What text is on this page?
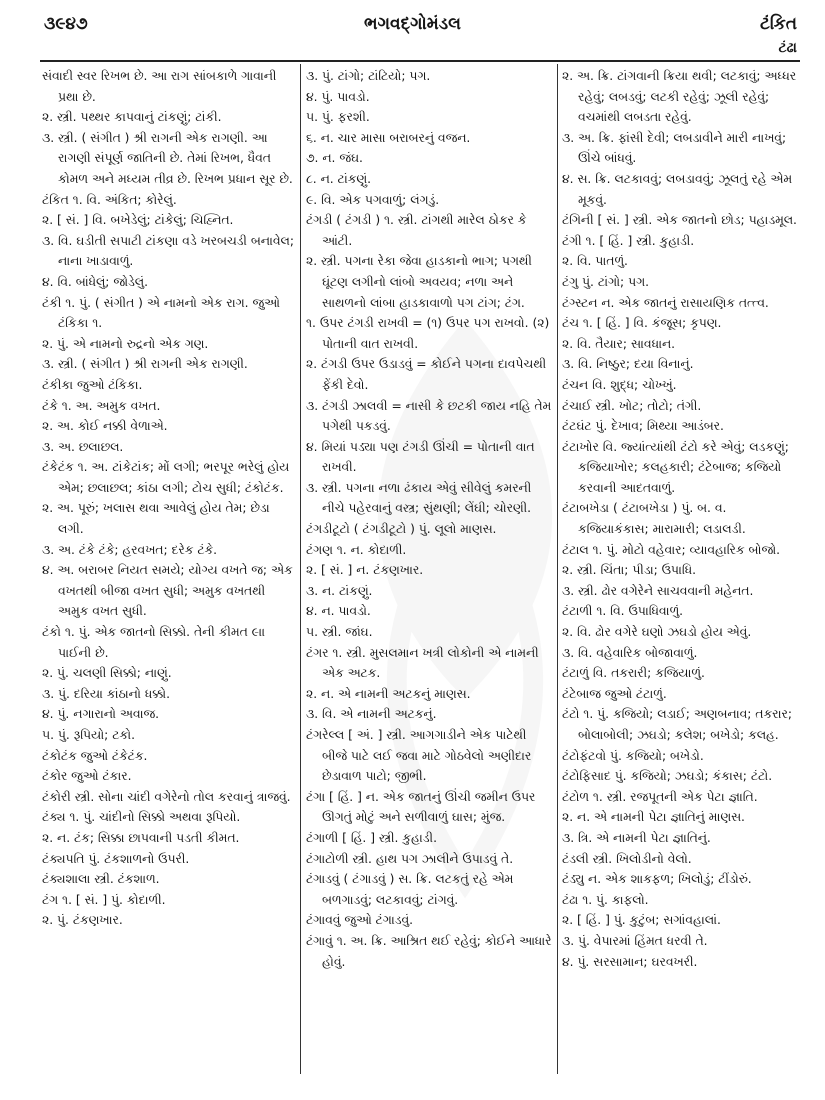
ભગવદ્ગોમંડલ
૩૯૪૭	ટંકિત
ટંઢા

સંવાદી સ્વર રિખભ છે. આ રાગ સાંબકાળે ગાવાની પ્રથા છે.

૨. સ્ત્રી. પથ્થર કાપવાનું ટાંકણું; ટાંકી.

૩. સ્ત્રી. ( સંગીત ) શ્રી રાગની એક રાગણી. આ રાગણી સંપૂર્ણ જાતિની છે. તેમાં રિખભ, ધૈવત કોમળ અને મધ્યમ તીવ્ર છે. રિખભ પ્રધાન સૂર છે.

ટંકિત ૧. વિ. અંકિત; કોરેલું.

૨. [ સં. ] વિ. બખેડેલું; ટાંકેલું; ચિહ્નિત.

૩. વિ. ઘડીતી સપાટી ટાંકણા વડે ખરબચડી બનાવેલ; નાના ખાડાવાળું.

૪. વિ. બાંધેલું; જોડેલું.

ટંકી ૧. પું. ( સંગીત ) એ નામનો એક રાગ. જુઓ ટંકિકા ૧.

૨. પું. એ નામનો રુદ્રનો એક ગણ.

૩. સ્ત્રી. ( સંગીત ) શ્રી રાગની એક રાગણી.

ટંકીકા જુઓ ટંકિકા.

ટંકે ૧. અ. અમુક વખત.

૨. અ. કોઈ નક્કી વેળાએ.

૩. અ. છલાછલ.

ટંકેટંક ૧. અ. ટાંકેટાંક; મોં લગી; ભરપૂર ભરેલું હોય એમ; છલાછલ; કાંઠા લગી; ટોચ સુધી; ટંકોટંક.

૨. અ. પૂરું; ખલાસ થવા આવેલું હોય તેમ; છેડા લગી.

૩. અ. ટંકે ટંકે; હરવખત; દરેક ટંકે.

૪. અ. બરાબર નિયત સમયે; યોગ્ય વખતે જ; એક વખતથી બીજા વખત સુધી; અમુક વખતથી અમુક વખત સુધી.

ટંકો ૧. પું. એક જાતનો સિક્કો. તેની કીમત ૯ાા પાઈની છે.

૨. પું. ચલણી સિક્કો; નાણું.

૩. પું. દરિયા કાંઠાનો ધક્કો.

૪. પું. નગારાનો અવાજ.

૫. પું. રૂપિયો; ટકો.

ટંકોટંક જુઓ ટંકેટંક.

ટંકોર જુઓ ટંકાર.

ટંકોરી સ્ત્રી. સોના ચાંદી વગેરેનો તોલ કરવાનું ત્રાજવું.

ટંક્ય ૧. પું. ચાંદીનો સિક્કો અથવા રૂપિયો.

૨. ન. ટંક; સિક્કા છાપવાની પડતી કીમત.

ટંક્યપતિ પું. ટંકશાળનો ઉપરી.

ટંક્યશાલા સ્ત્રી. ટંકશાળ.

ટંગ ૧. [ સં. ] પું. કોદાળી.

૨. પું. ટંકણખાર.

૩. પું. ટાંગો; ટાંટિયો; પગ.

૪. પું. પાવડો.

૫. પું. ફરશી.

૬. ન. ચાર માસા બરાબરનું વજન.

૭. ન. જંઘ.

૮. ન. ટાંકણું.

૯. વિ. એક પગવાળું; લંગડું.

ટંગડી ( ટંગડી ) ૧. સ્ત્રી. ટાંગથી મારેલ ઠોકર કે આંટી.

૨. સ્ત્રી. પગના રેકા જેવા હાડકાનો ભાગ; પગથી ઘૂંટણ લગીનો લાંબો અવયવ; નળા અને સાથળનો લાંબા હાડકાવાળો પગ ટાંગ; ટંગ.

૧. ઉપર ટંગડી રાખવી = (૧) ઉપર પગ રાખવો. (૨) પોતાની વાત રાખવી.

૨. ટંગડી ઉપર ઉડાડવું = કોઈને પગના દાવપેચથી ફેંકી દેવો.

૩. ટંગડી ઝાલવી = નાસી કે છટકી જાય નહિ તેમ પગેથી પકડવું.

૪. મિયાં પડ્યા પણ ટંગડી ઊંચી = પોતાની વાત રાખવી.

૩. સ્ત્રી. પગના નળા ઢંકાય એવું સીવેલું કમરની નીચે પહેરવાનું વસ્ત્ર; સુંથણી; લેંઘી; ચોરણી.

ટંગડીટૂટો ( ટંગડીટૂટો ) પું. લૂલો માણસ.

ટંગણ ૧. ન. કોદાળી.

૨. [ સં. ] ન. ટંકણખાર.

૩. ન. ટાંકણું.

૪. ન. પાવડો.

૫. સ્ત્રી. જાંઘ.

ટંગર ૧. સ્ત્રી. મુસલમાન ખત્રી લોકોની એ નામની એક અટક.

૨. ન. એ નામની અટકનું માણસ.

૩. વિ. એ નામની અટકનું.

ટંગરેલ્લ [ અં. ] સ્ત્રી. આગગાડીને એક પાટેથી બીજે પાટે લઈ જવા માટે ગોઠવેલો અણીદાર છેડાવાળ પાટો; જીભી.

ટંગા [ હિં. ] ન. એક જાતનું ઊંચી જમીન ઉપર ઊગતું મોટું અને સળીવાળું ઘાસ; મુંજ.

ટંગાળી [ હિં. ] સ્ત્રી. કુહાડી.

ટંગાટોળી સ્ત્રી. હાથ પગ ઝાલીને ઉપાડવું તે.

ટંગાડવું ( ટંગાડવું ) સ. ક્રિ. લટકતું રહે એમ બળગાડવું; લટકાવવું; ટાંગવું.

ટંગાવવું જુઓ ટંગાડવું.

ટંગાવું ૧. અ. ક્રિ. આશ્રિત થઈ રહેવું; કોઈને આધારે હોવું.

૨. અ. ક્રિ. ટાંગવાની ક્રિયા થવી; લટકાવું; અધ્ધર રહેવું; લબડવું; લટકી રહેવું; ઝૂલી રહેવું; વચમાંથી લબડતા રહેવું.

૩. અ. ક્રિ. ફાંસી દેવી; લબડાવીને મારી નાખવું; ઊંચે બાંધવું.

૪. સ. ક્રિ. લટકાવવું; લબડાવવું; ઝૂલતું રહે એમ મૂકવું.

ટંગિની [ સં. ] સ્ત્રી. એક જાતનો છોડ; પહાડમૂલ.

ટંગી ૧. [ હિં. ] સ્ત્રી. કુહાડી.

૨. વિ. પાતળું.

ટંગુ પું. ટાંગો; પગ.

ટંગ્સ્ટન ન. એક જાતનું રાસાયણિક તત્ત્વ.

ટંચ ૧. [ હિં. ] વિ. કંજૂસ; કૃપણ.

૨. વિ. તૈયાર; સાવધાન.

૩. વિ. નિષ્ઠુર; દયા વિનાનું.

ટંચન વિ. શુદ્ધ; ચોખ્ખું.

ટંચાઈ સ્ત્રી. ખોટ; તોટો; તંગી.

ટંટઘંટ પું. દેખાવ; મિથ્યા આડંબર.

ટંટાખોર વિ. જ્યાંત્યાંથી ટંટો કરે એવું; લડકણું; કજિયાખોર; કલહકારી; ટંટેબાજ; કજિયો કરવાની આદતવાળું.

ટંટાબખેડા ( ટંટાબખેડા ) પું. બ. વ. કજિયાકંકાસ; મારામારી; લડાલડી.

ટંટાલ ૧. પું. મોટો વહેવાર; વ્યાવહારિક બોજો.

૨. સ્ત્રી. ચિંતા; પીડા; ઉપાધિ.

૩. સ્ત્રી. ઢોર વગેરેને સાચવવાની મહેનત.

ટંટાળી ૧. વિ. ઉપાધિવાળું.

૨. વિ. ઢોર વગેરે ઘણો ઝઘડો હોય એવું.

૩. વિ. વહેવારિક બોજાવાળું.

ટંટાળું વિ. તકરારી; કજિયાળું.

ટંટેબાજ જુઓ ટંટાળું.

ટંટો ૧. પું. કજિયો; લડાઈ; અણબનાવ; તકરાર; બોલાબોલી; ઝઘડો; કલેશ; બખેડો; કલહ.

ટંટોફંટવો પું. કજિયો; બખેડો.

ટંટોફિસાદ પું. કજિયો; ઝઘડો; કંકાસ; ટંટો.

ટંટોળ ૧. સ્ત્રી. રજપૂતની એક પેટા જ્ઞાતિ.

૨. ન. એ નામની પેટા જ્ઞાતિનું માણસ.

૩. ત્રિ. એ નામની પેટા જ્ઞાતિનું.

ટંડલી સ્ત્રી. ખિલોડીનો વેલો.

ટંડ્યુ ન. એક શાકફળ; ખિલોડું; ટીંડોરું.

ટંઢા ૧. પું. કાફલો.

૨. [ હિં. ] પું. કુટુંબ; સગાંવહાલાં.

૩. પું. વેપારમાં હિંમત ધરવી તે.

૪. પું. સરસામાન; ઘરવખરી.
